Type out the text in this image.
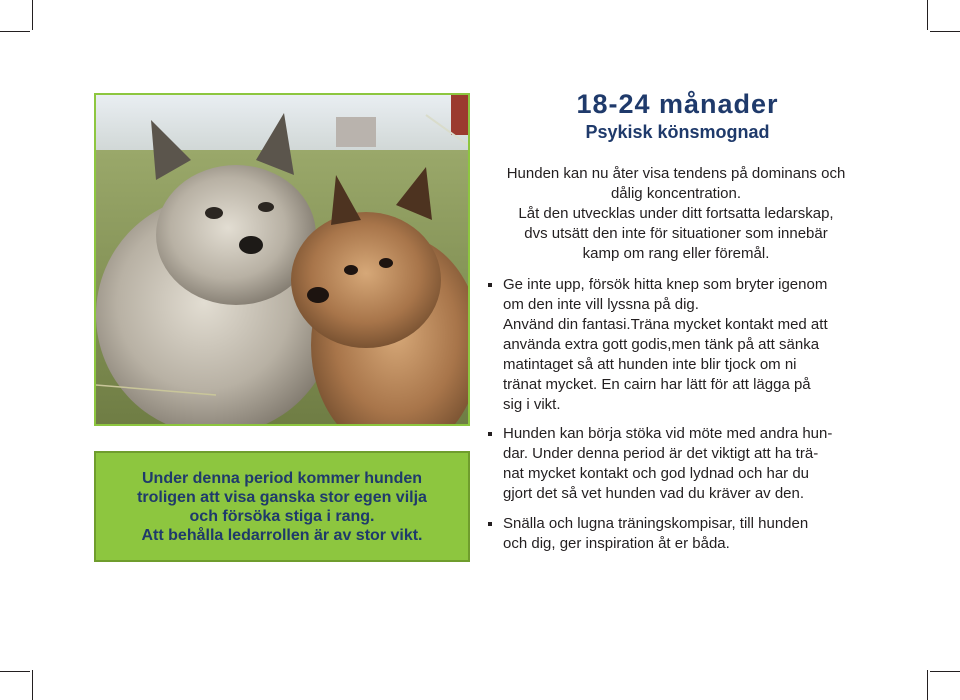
Under denna period kommer hunden
troligen att visa ganska stor egen vilja
och försöka stiga i rang.
Att behålla ledarrollen är av stor vikt.
18-24 månader
Psykisk könsmognad
Hunden kan nu åter visa tendens på dominans och
dålig koncentration.
Låt den utvecklas under ditt fortsatta ledarskap,
dvs utsätt den inte för situationer som innebär
kamp om rang eller föremål.
Ge inte upp, försök hitta knep som bryter igenom
om den inte vill lyssna på dig.
Använd din fantasi.Träna mycket kontakt med att
använda extra gott godis,men tänk på att sänka
matintaget så att hunden inte blir tjock om ni
tränat mycket. En cairn har lätt för att lägga på
sig i vikt.
Hunden kan börja stöka vid möte med andra hun-
dar. Under denna period är det viktigt att ha trä-
nat mycket kontakt och god lydnad och har du
gjort det så vet hunden vad du kräver av den.
Snälla och lugna träningskompisar, till hunden
och dig, ger inspiration åt er båda.
